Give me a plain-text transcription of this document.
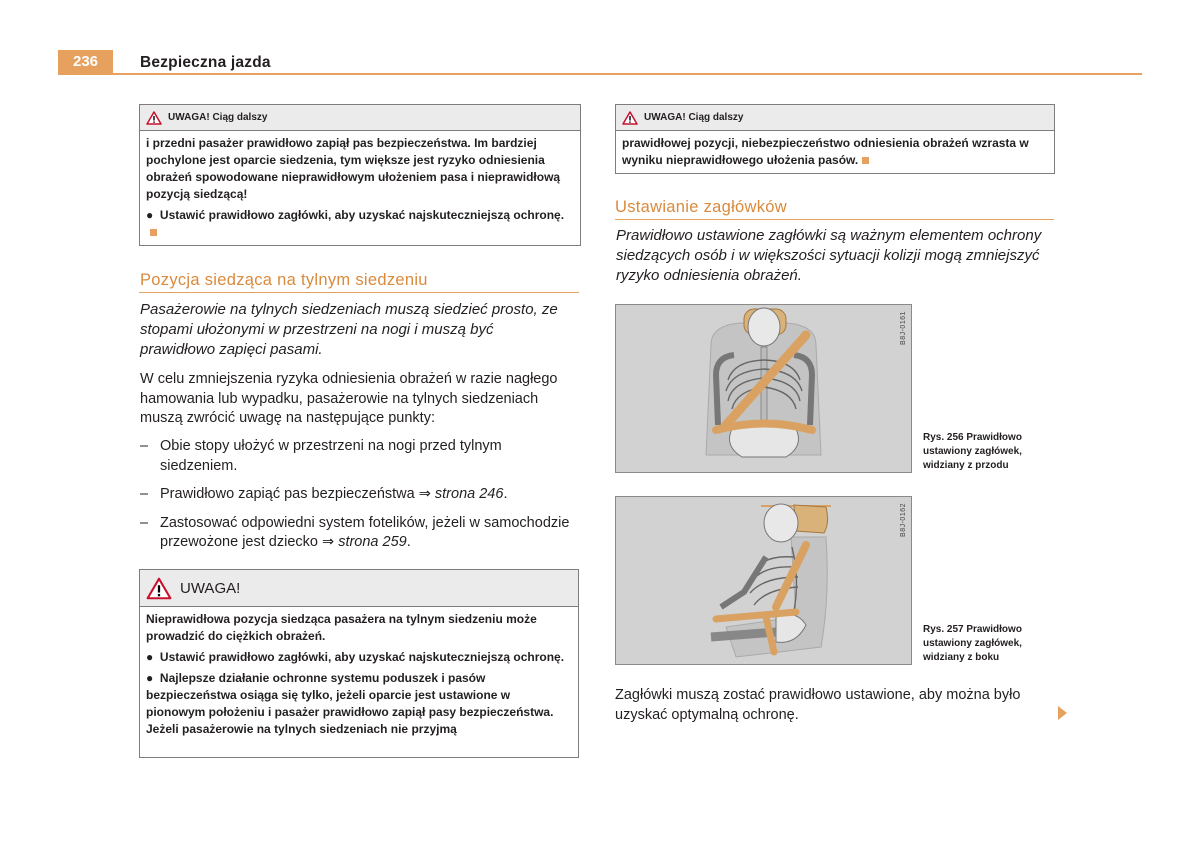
236	Bezpieczna jazda
UWAGA! Ciąg dalszy

i przedni pasażer prawidłowo zapiął pas bezpieczeństwa. Im bardziej pochylone jest oparcie siedzenia, tym większe jest ryzyko odniesienia obrażeń spowodowane nieprawidłowym ułożeniem pasa i nieprawidłową pozycją siedzącą!

●  Ustawić prawidłowo zagłówki, aby uzyskać najskuteczniejszą ochronę.

Pozycja siedząca na tylnym siedzeniu
Pasażerowie na tylnych siedzeniach muszą siedzieć prosto, ze stopami ułożonymi w przestrzeni na nogi i muszą być prawidłowo zapięci pasami.
W celu zmniejszenia ryzyka odniesienia obrażeń w razie nagłego hamowania lub wypadku, pasażerowie na tylnych siedzeniach muszą zwrócić uwagę na następujące punkty:
– Obie stopy ułożyć w przestrzeni na nogi przed tylnym siedzeniem.
– Prawidłowo zapiąć pas bezpieczeństwa ⇒ strona 246.
– Zastosować odpowiedni system fotelików, jeżeli w samochodzie przewożone jest dziecko ⇒ strona 259.
UWAGA!

Nieprawidłowa pozycja siedząca pasażera na tylnym siedzeniu może prowadzić do ciężkich obrażeń.

●  Ustawić prawidłowo zagłówki, aby uzyskać najskuteczniejszą ochronę.

●  Najlepsze działanie ochronne systemu poduszek i pasów bezpieczeństwa osiąga się tylko, jeżeli oparcie jest ustawione w pionowym położeniu i pasażer prawidłowo zapiął pasy bezpieczeństwa. Jeżeli pasażerowie na tylnych siedzeniach nie przyjmą

UWAGA! Ciąg dalszy

prawidłowej pozycji, niebezpieczeństwo odniesienia obrażeń wzrasta w wyniku nieprawidłowego ułożenia pasów.

Ustawianie zagłówków
Prawidłowo ustawione zagłówki są ważnym elementem ochrony siedzących osób i w większości sytuacji kolizji mogą zmniejszyć ryzyko odniesienia obrażeń.
B8J-0161
Rys. 256 Prawidłowo ustawiony zagłówek, widziany z przodu
B8J-0162
Rys. 257 Prawidłowo ustawiony zagłówek, widziany z boku
Zagłówki muszą zostać prawidłowo ustawione, aby można było uzyskać optymalną ochronę.
